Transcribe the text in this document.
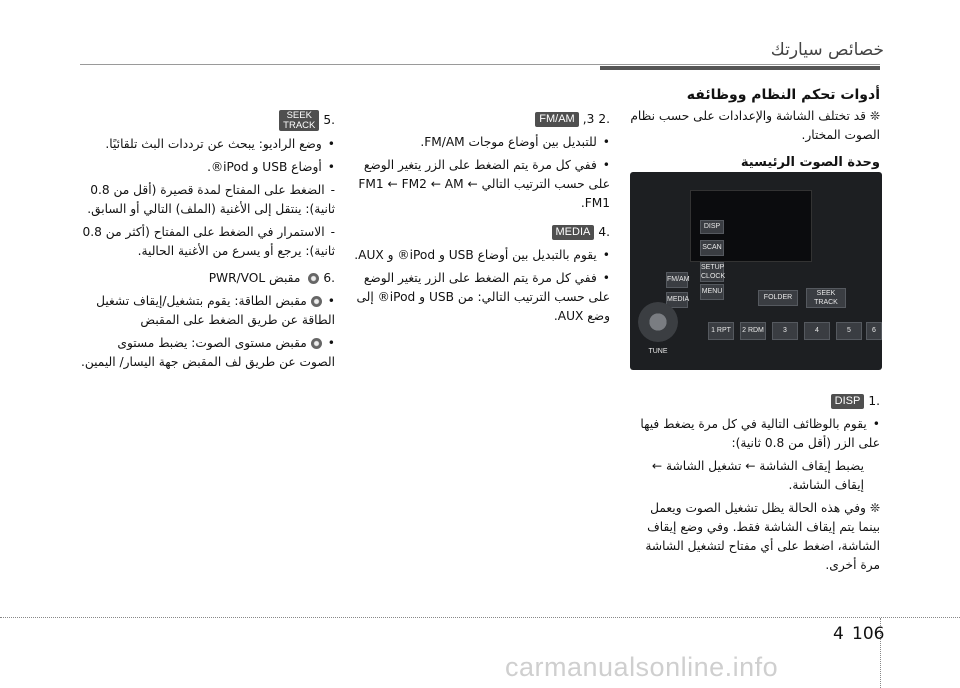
خصائص سيارتك
أدوات تحكم النظام ووظائفه
❊قد تختلف الشاشة والإعدادات على حسب نظام الصوت المختار.
وحدة الصوت الرئيسية
.1
DISP
•يقوم بالوظائف التالية في كل مرة يضغط فيها على الزر (أقل من 0.8 ثانية):
يضبط إيقاف الشاشة ← تشغيل الشاشة ← إيقاف الشاشة.
❊وفي هذه الحالة يظل تشغيل الصوت ويعمل بينما يتم إيقاف الشاشة فقط. وفي وضع إيقاف الشاشة، اضغط على أي مفتاح لتشغيل الشاشة مرة أخرى.
DISP
SCAN
SETUP CLOCK
MENU
FOLDER
SEEK TRACK
1 RPT	2 RDM	3	4	5	6
FM/AM
MEDIA
TUNE
.2
3,
FM/AM
•للتبديل بين أوضاع موجات FM/AM.
•ففي كل مرة يتم الضغط على الزر يتغير الوضع على حسب الترتيب التالي FM1 ← FM2 ← AM ← FM1.
.4
MEDIA
•يقوم بالتبديل بين أوضاع USB و iPod® و AUX.
•ففي كل مرة يتم الضغط على الزر يتغير الوضع على حسب الترتيب التالي: من USB و iPod® إلى وضع AUX.
.5
SEEK
TRACK
•وضع الراديو: يبحث عن ترددات البث تلقائيًا.
•أوضاع USB و iPod®.
-الضغط على المفتاح لمدة قصيرة (أقل من 0.8 ثانية): ينتقل إلى الأغنية (الملف) التالي أو السابق.
-الاستمرار في الضغط على المفتاح (أكثر من 0.8 ثانية): يرجع أو يسرع من الأغنية الحالية.
.6
مقبض PWR/VOL
•مقبض الطاقة: يقوم بتشغيل/إيقاف تشغيل الطاقة عن طريق الضغط على المقبض
•مقبض مستوى الصوت: يضبط مستوى الصوت عن طريق لف المقبض جهة اليسار/ اليمين.
106
4
carmanualsonline.info
